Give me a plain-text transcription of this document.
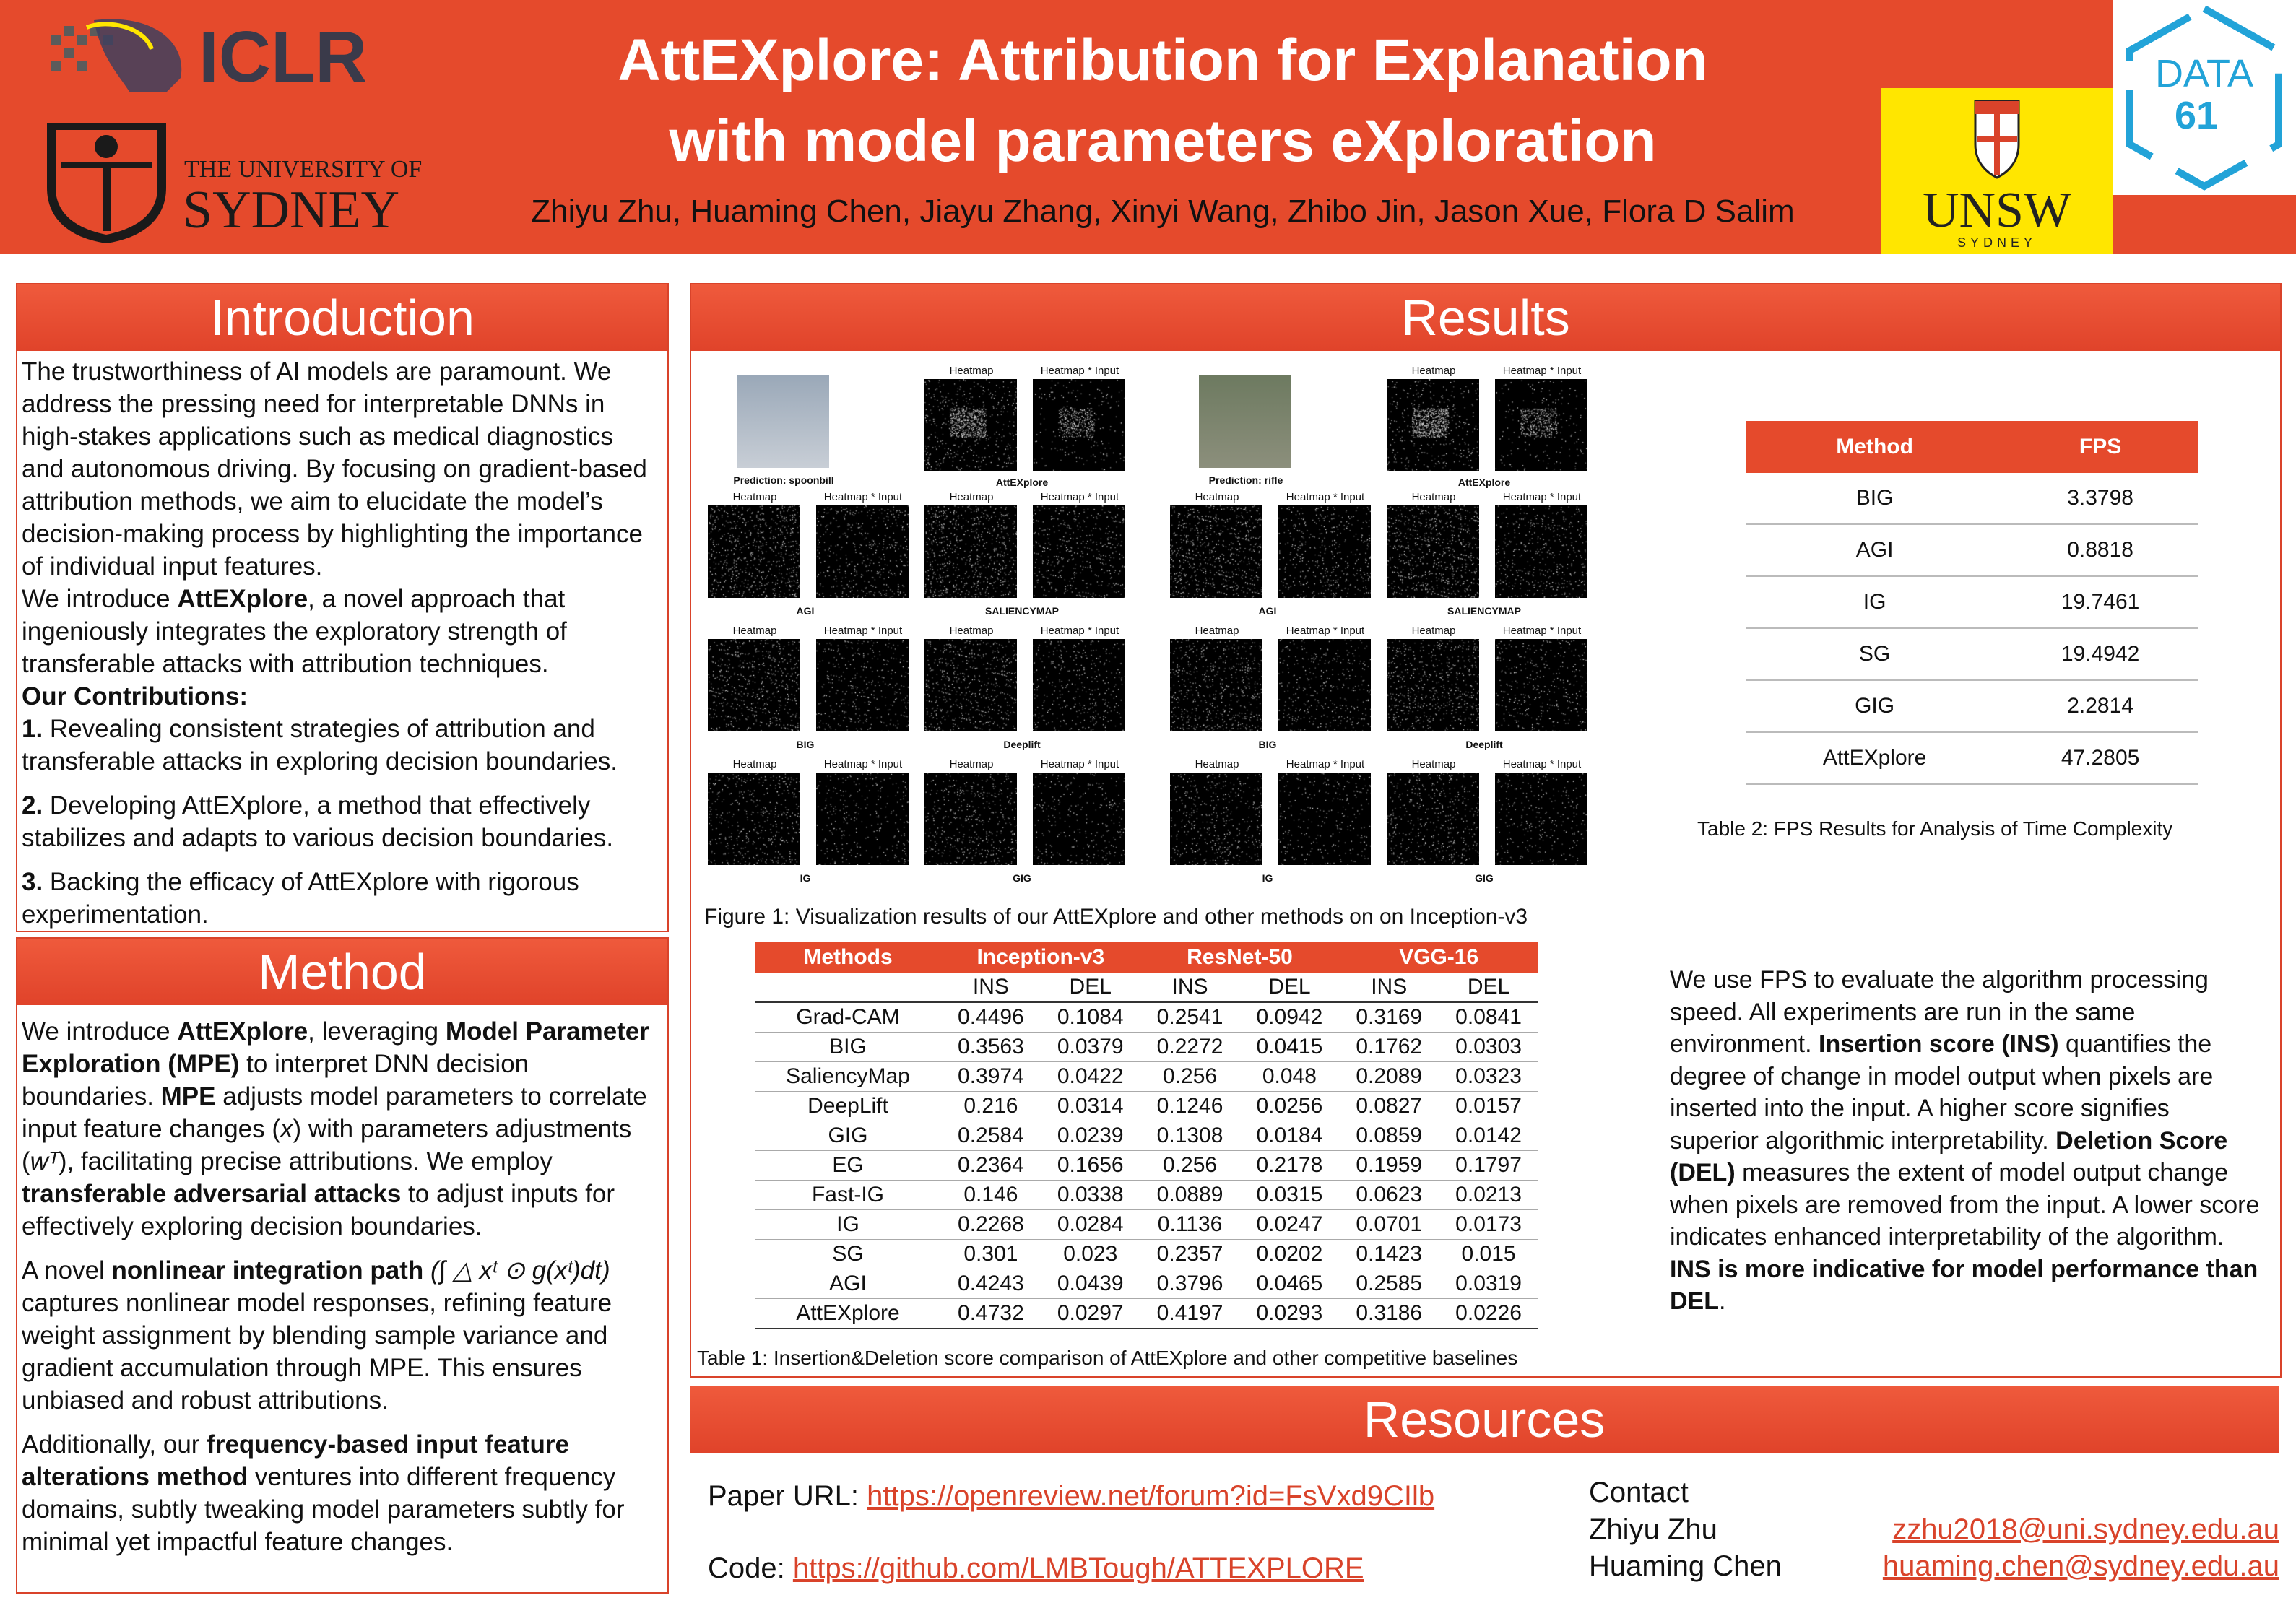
ICLR
THE UNIVERSITY OF
SYDNEY
AttEXplore: Attribution for Explanation
with model parameters eXploration
Zhiyu Zhu, Huaming Chen, Jiayu Zhang, Xinyi Wang, Zhibo Jin, Jason Xue, Flora D Salim	UNSW
SYDNEY
DATA
61
Introduction

The trustworthiness of AI models are paramount. We address the pressing need for interpretable DNNs in high-stakes applications such as medical diagnostics and autonomous driving. By focusing on gradient-based attribution methods, we aim to elucidate the model’s decision-making process by highlighting the importance of individual input features.

We introduce AttEXplore, a novel approach that ingeniously integrates the exploratory strength of transferable attacks with attribution techniques.

Our Contributions:

1. Revealing consistent strategies of attribution and transferable attacks in exploring decision boundaries.

2. Developing AttEXplore, a method that effectively stabilizes and adapts to various decision boundaries.

3. Backing the efficacy of AttEXplore with rigorous experimentation.

Method

We introduce AttEXplore, leveraging Model Parameter Exploration (MPE) to interpret DNN decision boundaries. MPE adjusts model parameters to correlate input feature changes (x) with parameters adjustments (wᵀ), facilitating precise attributions. We employ transferable adversarial attacks to adjust inputs for effectively exploring decision boundaries.

A novel nonlinear integration path (∫ △ xᵗ ⊙ g(xᵗ)dt) captures nonlinear model responses, refining feature weight assignment by blending sample variance and gradient accumulation through MPE. This ensures unbiased and robust attributions.

Additionally, our frequency-based input feature alterations method ventures into different frequency domains, subtly tweaking model parameters subtly for minimal yet impactful feature changes.

Results
Prediction: spoonbill
Heatmap	Heatmap * Input
AttEXplore
Heatmap	Heatmap * Input
AGI
Heatmap	Heatmap * Input
SALIENCYMAP
Heatmap	Heatmap * Input
BIG
Heatmap	Heatmap * Input
Deeplift
Heatmap	Heatmap * Input
IG
Heatmap	Heatmap * Input
GIG
Prediction: rifle
Heatmap	Heatmap * Input
AttEXplore
Heatmap	Heatmap * Input
AGI
Heatmap	Heatmap * Input
SALIENCYMAP
Heatmap	Heatmap * Input
BIG
Heatmap	Heatmap * Input
Deeplift
Heatmap	Heatmap * Input
IG
Heatmap	Heatmap * Input
GIG
Figure 1: Visualization results of our AttEXplore and other methods on on Inception-v3
Methods	Inception-v3		ResNet-50		VGG-16	
	INS	DEL	INS	DEL	INS	DEL
Grad-CAM	0.4496	0.1084	0.2541	0.0942	0.3169	0.0841
BIG	0.3563	0.0379	0.2272	0.0415	0.1762	0.0303
SaliencyMap	0.3974	0.0422	0.256	0.048	0.2089	0.0323
DeepLift	0.216	0.0314	0.1246	0.0256	0.0827	0.0157
GIG	0.2584	0.0239	0.1308	0.0184	0.0859	0.0142
EG	0.2364	0.1656	0.256	0.2178	0.1959	0.1797
Fast-IG	0.146	0.0338	0.0889	0.0315	0.0623	0.0213
IG	0.2268	0.0284	0.1136	0.0247	0.0701	0.0173
SG	0.301	0.023	0.2357	0.0202	0.1423	0.015
AGI	0.4243	0.0439	0.3796	0.0465	0.2585	0.0319
AttEXplore	0.4732	0.0297	0.4197	0.0293	0.3186	0.0226
Table 1: Insertion&Deletion score comparison of AttEXplore and other competitive baselines
Method	FPS
BIG	3.3798
AGI	0.8818
IG	19.7461
SG	19.4942
GIG	2.2814
AttEXplore	47.2805
Table 2: FPS Results for Analysis of Time Complexity

We use FPS to evaluate the algorithm processing speed. All experiments are run in the same environment. Insertion score (INS) quantifies the degree of change in model output when pixels are inserted into the input. A higher score signifies superior algorithmic interpretability. Deletion Score (DEL) measures the extent of model output change when pixels are removed from the input. A lower score indicates enhanced interpretability of the algorithm. INS is more indicative for model performance than DEL.

Resources
Paper URL: https://openreview.net/forum?id=FsVxd9CIlb
Code: https://github.com/LMBTough/ATTEXPLORE
Contact
Zhiyu Zhu
Huaming Chen
zzhu2018@uni.sydney.edu.au
huaming.chen@sydney.edu.au
